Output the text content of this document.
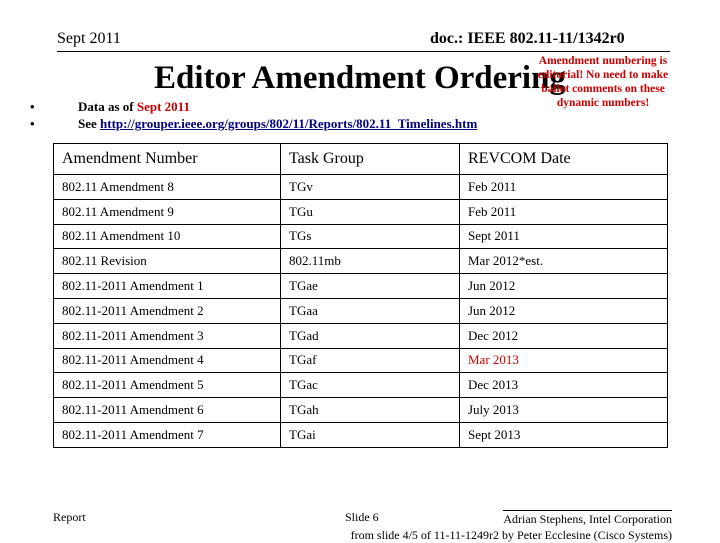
Sept 2011	doc.: IEEE 802.11-11/1342r0
Editor Amendment Ordering
Amendment numbering is editorial! No need to make ballot comments on these dynamic numbers!
•	Data as of Sept 2011
•	See http://grouper.ieee.org/groups/802/11/Reports/802.11_Timelines.htm
Amendment Number	Task Group	REVCOM Date
802.11 Amendment 8	TGv	Feb 2011
802.11 Amendment 9	TGu	Feb 2011
802.11 Amendment 10	TGs	Sept 2011
802.11 Revision	802.11mb	Mar 2012*est.
802.11-2011 Amendment 1	TGae	Jun 2012
802.11-2011 Amendment 2	TGaa	Jun 2012
802.11-2011 Amendment 3	TGad	Dec 2012
802.11-2011 Amendment 4	TGaf	Mar 2013
802.11-2011 Amendment 5	TGac	Dec 2013
802.11-2011 Amendment 6	TGah	July 2013
802.11-2011 Amendment 7	TGai	Sept 2013
Report	Slide 6	Adrian Stephens, Intel Corporation
from slide 4/5 of 11-11-1249r2 by Peter Ecclesine (Cisco Systems)
